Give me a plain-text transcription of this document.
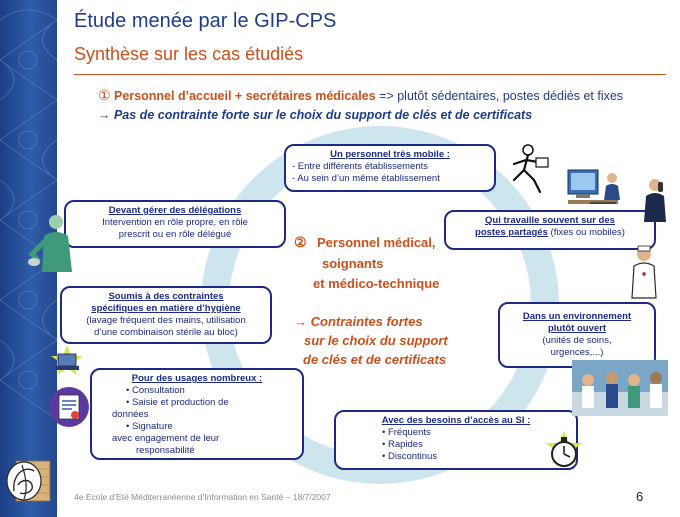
Étude menée par le GIP-CPS
Synthèse sur les cas étudiés
① Personnel d’accueil + secrétaires médicales => plutôt sédentaires, postes dédiés et fixes
→ Pas de contrainte forte sur le choix du support de clés et de certificats
② Personnel médical,
soignants
et médico-technique
→ Contraintes fortes
sur le choix du support
de clés et de certificats
Un personnel très mobile :
- Entre différents établissements
- Au sein d’un même établissement
Devant gérer des délégations
Intervention en rôle propre, en rôle
prescrit ou en rôle délégué
Qui travaille souvent sur des
postes partagés (fixes ou mobiles)
Soumis à des contraintes
spécifiques en matière d’hygiène
(lavage fréquent des mains, utilisation
d’une combinaison stérile au bloc)
Dans un environnement
plutôt ouvert
(unités de soins,
urgences,...)
Pour des usages nombreux :
• Consultation
• Saisie et production de
données
• Signature
avec engagement de leur
responsabilité
Avec des besoins d’accès au SI :
• Fréquents
• Rapides
• Discontinus
4e Ecole d’Eté Méditerranéenne d’Information en Santé – 18/7/2007	6
